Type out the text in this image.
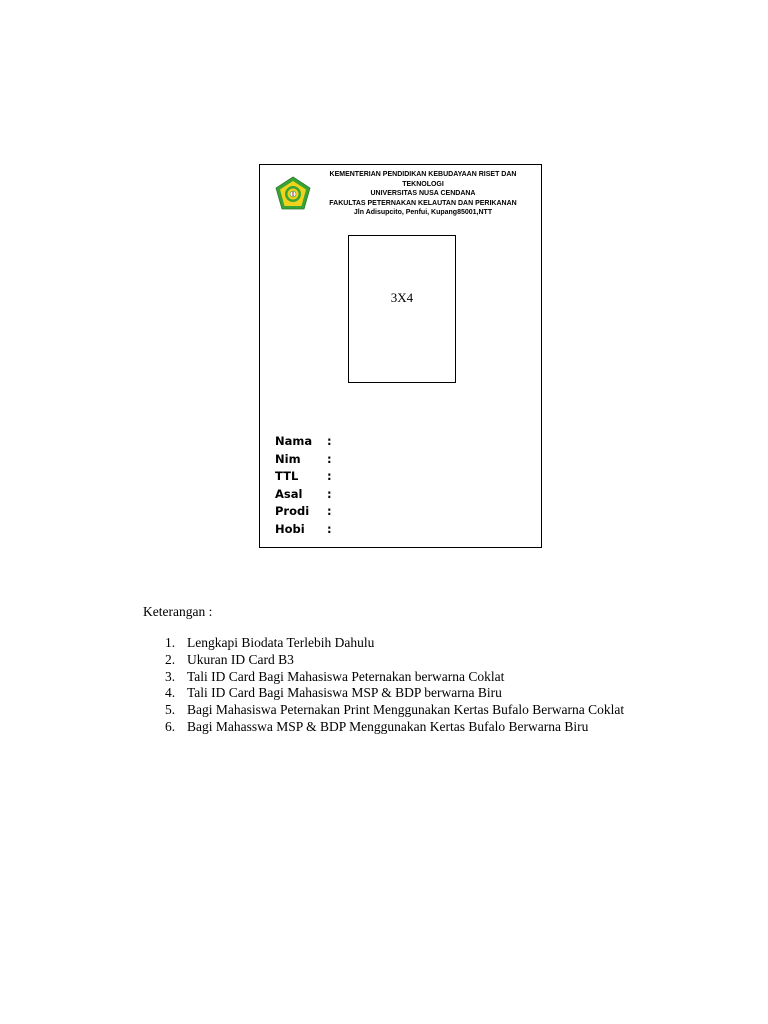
KEMENTERIAN PENDIDIKAN KEBUDAYAAN RISET DAN TEKNOLOGI
UNIVERSITAS NUSA CENDANA
FAKULTAS PETERNAKAN KELAUTAN DAN PERIKANAN
Jln Adisupcito, Penfui, Kupang85001,NTT
3X4
Nama	:
Nim	:
TTL	:
Asal	:
Prodi	:
Hobi	:
Keterangan :
1. Lengkapi Biodata Terlebih Dahulu
2. Ukuran ID Card B3
3. Tali ID Card Bagi Mahasiswa Peternakan berwarna Coklat
4. Tali ID Card Bagi Mahasiswa MSP & BDP berwarna Biru
5. Bagi Mahasiswa Peternakan Print Menggunakan Kertas Bufalo Berwarna Coklat
6. Bagi Mahasswa MSP & BDP Menggunakan Kertas Bufalo Berwarna Biru
